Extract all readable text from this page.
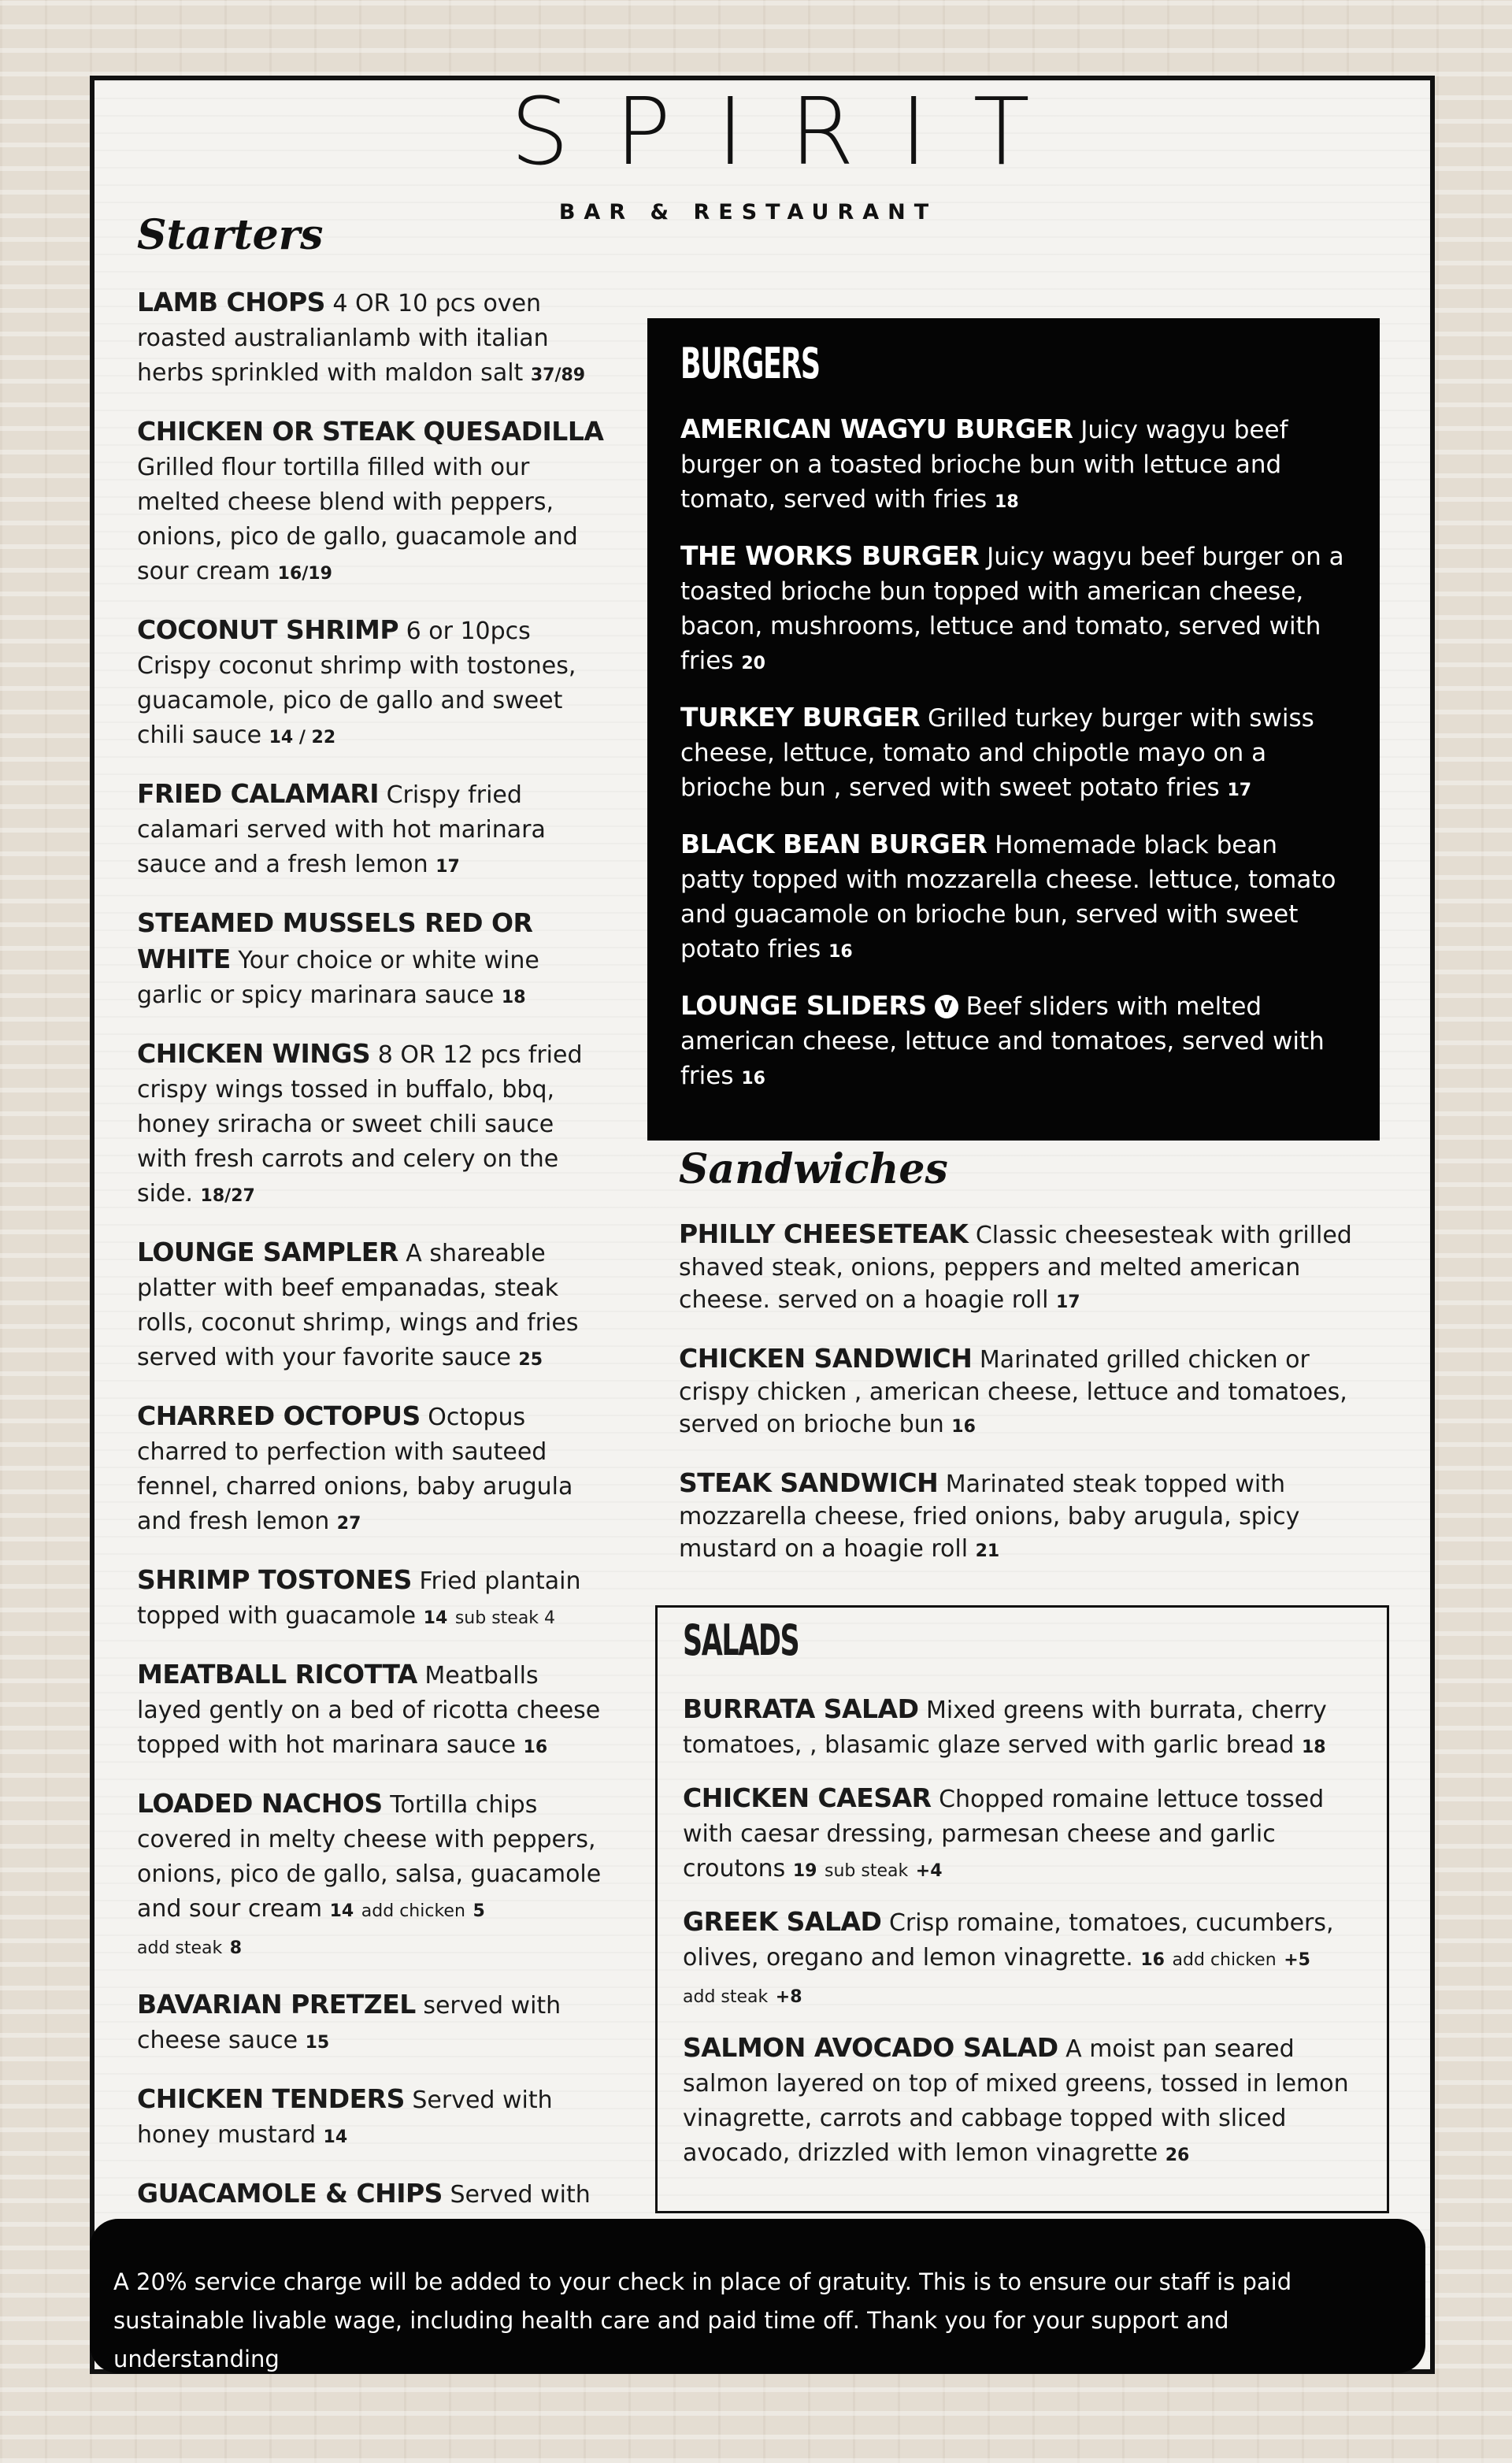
SPIRIT
BAR & RESTAURANT
Starters
LAMB CHOPS 4 OR 10 pcs oven roasted australianlamb with italian herbs sprinkled with maldon salt 37/89
CHICKEN OR STEAK QUESADILLA Grilled flour tortilla filled with our melted cheese blend with peppers, onions, pico de gallo, guacamole and sour cream 16/19
COCONUT SHRIMP 6 or 10pcs Crispy coconut shrimp with tostones, guacamole, pico de gallo and sweet chili sauce 14 / 22
FRIED CALAMARI Crispy fried calamari served with hot marinara sauce and a fresh lemon 17
STEAMED MUSSELS RED OR WHITE Your choice or white wine garlic or spicy marinara sauce 18
CHICKEN WINGS 8 OR 12 pcs fried crispy wings tossed in buffalo, bbq, honey sriracha or sweet chili sauce with fresh carrots and celery on the side. 18/27
LOUNGE SAMPLER A shareable platter with beef empanadas, steak rolls, coconut shrimp, wings and fries served with your favorite sauce 25
CHARRED OCTOPUS Octopus charred to perfection with sauteed fennel, charred onions, baby arugula and fresh lemon 27
SHRIMP TOSTONES Fried plantain topped with guacamole 14 sub steak 4
MEATBALL RICOTTA Meatballs layed gently on a bed of ricotta cheese topped with hot marinara sauce 16
LOADED NACHOS Tortilla chips covered in melty cheese with peppers, onions, pico de gallo, salsa, guacamole and sour cream 14 add chicken 5
add steak 8
BAVARIAN PRETZEL served with cheese sauce 15
CHICKEN TENDERS Served with honey mustard 14
GUACAMOLE & CHIPS Served with
BURGERS
AMERICAN WAGYU BURGER Juicy wagyu beef burger on a toasted brioche bun with lettuce and tomato, served with fries 18
THE WORKS BURGER Juicy wagyu beef burger on a toasted brioche bun topped with american cheese, bacon, mushrooms, lettuce and tomato, served with fries 20
TURKEY BURGER Grilled turkey burger with swiss cheese, lettuce, tomato and chipotle mayo on a brioche bun , served with sweet potato fries 17
BLACK BEAN BURGER Homemade black bean patty topped with mozzarella cheese. lettuce, tomato and guacamole on brioche bun, served with sweet potato fries 16
LOUNGE SLIDERS V Beef sliders with melted american cheese, lettuce and tomatoes, served with fries 16
Sandwiches
PHILLY CHEESETEAK Classic cheesesteak with grilled shaved steak, onions, peppers and melted american cheese. served on a hoagie roll 17
CHICKEN SANDWICH Marinated grilled chicken or crispy chicken , american cheese, lettuce and tomatoes, served on brioche bun 16
STEAK SANDWICH Marinated steak topped with mozzarella cheese, fried onions, baby arugula, spicy mustard on a hoagie roll 21
SALADS
BURRATA SALAD Mixed greens with burrata, cherry tomatoes, , blasamic glaze served with garlic bread 18
CHICKEN CAESAR Chopped romaine lettuce tossed with caesar dressing, parmesan cheese and garlic croutons 19 sub steak +4
GREEK SALAD Crisp romaine, tomatoes, cucumbers, olives, oregano and lemon vinagrette. 16 add chicken +5
add steak +8
SALMON AVOCADO SALAD A moist pan seared salmon layered on top of mixed greens, tossed in lemon vinagrette, carrots and cabbage topped with sliced avocado, drizzled with lemon vinagrette 26
A 20% service charge will be added to your check in place of gratuity. This is to ensure our staff is paid sustainable livable wage, including health care and paid time off. Thank you for your support and understanding
